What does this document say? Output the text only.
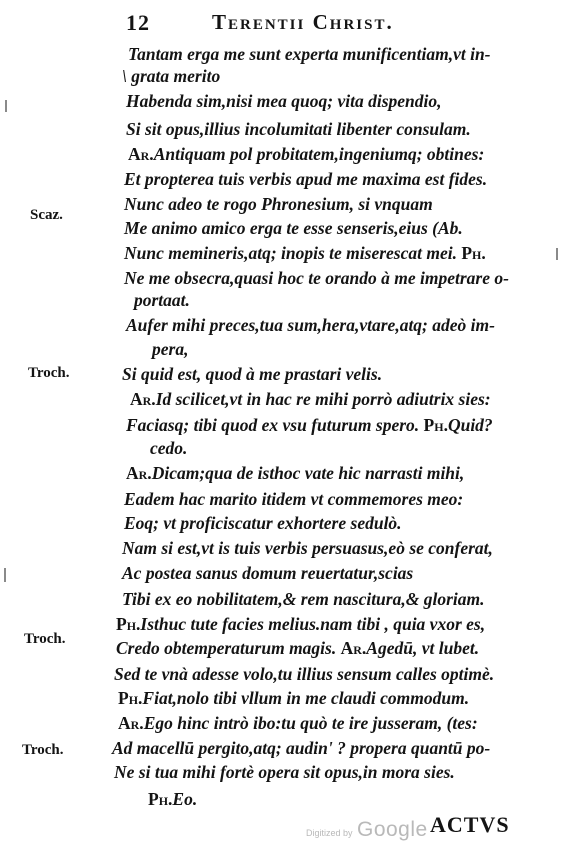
12	Terentii Christ.
Tantam erga me sunt experta munificentiam,vt in-
\ grata merito
Habenda sim,nisi mea quoq; vita dispendio,
Si sit opus,illius incolumitati libenter consulam.
Ar.Antiquam pol probitatem,ingeniumq; obtines:
Et propterea tuis verbis apud me maxima est fides.
Nunc adeo te rogo Phronesium, si vnquam
Me animo amico erga te esse senseris,eius (Ab.
Nunc memineris,atq; inopis te miserescat mei. Ph.
Ne me obsecra,quasi hoc te orando à me impetrare o-
portaat.
Aufer mihi preces,tua sum,hera,vtare,atq; adeò im-
pera,
Si quid est, quod à me prastari velis.
Ar.Id scilicet,vt in hac re mihi porrò adiutrix sies:
Faciasq; tibi quod ex vsu futurum spero. Ph.Quid?
cedo.
Ar.Dicam;qua de isthoc vate hic narrasti mihi,
Eadem hac marito itidem vt commemores meo:
Eoq; vt proficiscatur exhortere sedulò.
Nam si est,vt is tuis verbis persuasus,eò se conferat,
Ac postea sanus domum reuertatur,scias
Tibi ex eo nobilitatem,& rem nascitura,& gloriam.
Ph.Isthuc tute facies melius.nam tibi , quia vxor es,
Credo obtemperaturum magis. Ar.Agedū, vt lubet.
Sed te vnà adesse volo,tu illius sensum calles optimè.
Ph.Fiat,nolo tibi vllum in me claudi commodum.
Ar.Ego hinc intrò ibo:tu quò te ire jusseram, (tes:
Ad macellū pergito,atq; audin' ? propera quantū po-
Ne si tua mihi fortè opera sit opus,in mora sies.
Ph.Eo.
Scaz.
Troch.
Troch.
Troch.
Digitized by Google ACTVS
